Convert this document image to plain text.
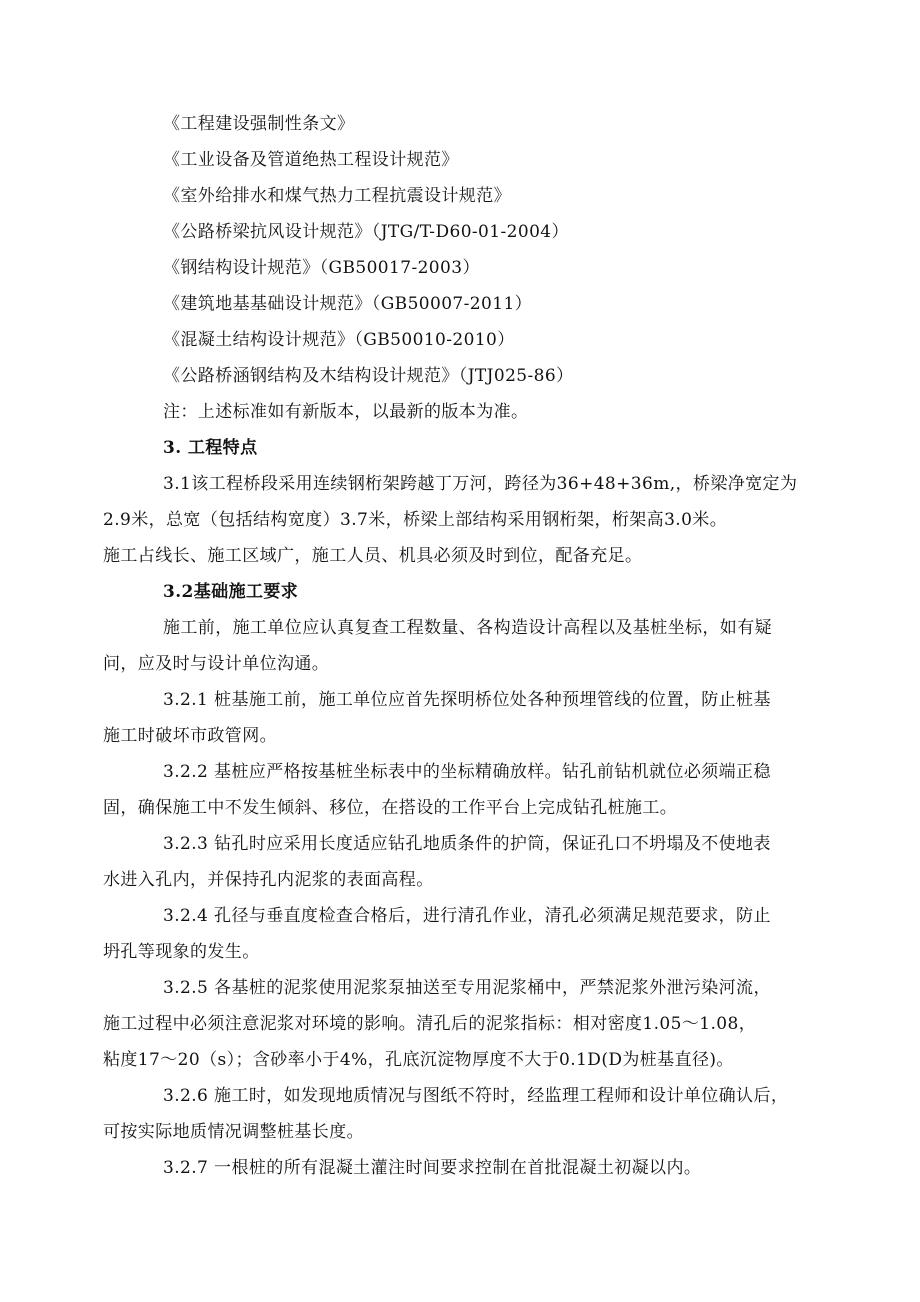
《工程建设强制性条文》
《工业设备及管道绝热工程设计规范》
《室外给排水和煤气热力工程抗震设计规范》
《公路桥梁抗风设计规范》（JTG/T-D60-01-2004）
《钢结构设计规范》（GB50017-2003）
《建筑地基基础设计规范》（GB50007-2011）
《混凝土结构设计规范》（GB50010-2010）
《公路桥涵钢结构及木结构设计规范》（JTJ025-86）
注：上述标准如有新版本，以最新的版本为准。
3. 工程特点
3.1该工程桥段采用连续钢桁架跨越丁万河，跨径为36+48+36m,，桥梁净宽定为
2.9米，总宽（包括结构宽度）3.7米，桥梁上部结构采用钢桁架，桁架高3.0米。
施工占线长、施工区域广，施工人员、机具必须及时到位，配备充足。
3.2基础施工要求
施工前，施工单位应认真复查工程数量、各构造设计高程以及基桩坐标，如有疑
问，应及时与设计单位沟通。
3.2.1 桩基施工前，施工单位应首先探明桥位处各种预埋管线的位置，防止桩基
施工时破坏市政管网。
3.2.2 基桩应严格按基桩坐标表中的坐标精确放样。钻孔前钻机就位必须端正稳
固，确保施工中不发生倾斜、移位，在搭设的工作平台上完成钻孔桩施工。
3.2.3 钻孔时应采用长度适应钻孔地质条件的护筒，保证孔口不坍塌及不使地表
水进入孔内，并保持孔内泥浆的表面高程。
3.2.4 孔径与垂直度检查合格后，进行清孔作业，清孔必须满足规范要求，防止
坍孔等现象的发生。
3.2.5 各基桩的泥浆使用泥浆泵抽送至专用泥浆桶中，严禁泥浆外泄污染河流，
施工过程中必须注意泥浆对环境的影响。清孔后的泥浆指标：相对密度1.05～1.08，
粘度17～20（s）；含砂率小于4%，孔底沉淀物厚度不大于0.1D(D为桩基直径)。
3.2.6 施工时，如发现地质情况与图纸不符时，经监理工程师和设计单位确认后，
可按实际地质情况调整桩基长度。
3.2.7 一根桩的所有混凝土灌注时间要求控制在首批混凝土初凝以内。
